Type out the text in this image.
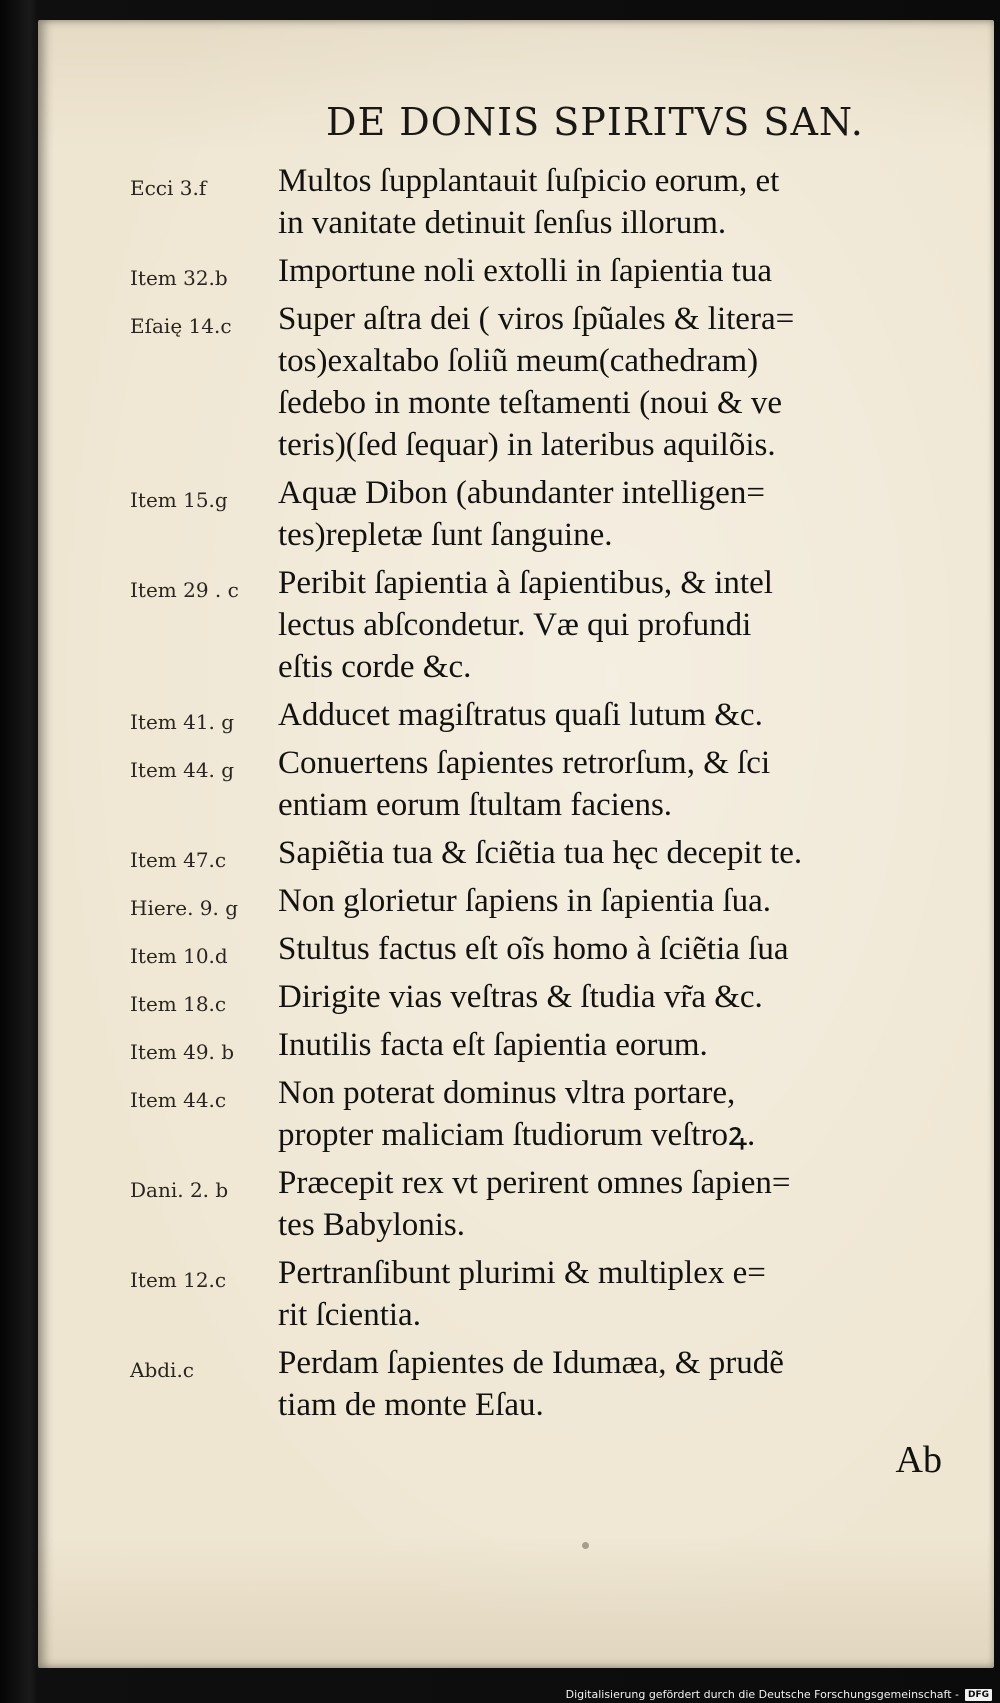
DE DONIS SPIRITVS SAN.
Ecci 3.f	Multos ſupplantauit ſuſpicio eorum, et
in vanitate detinuit ſenſus illorum.
Item 32.b	Importune noli extolli in ſapientia tua
Eſaię 14.c	Super aſtra dei ( viros ſpũales & litera=
tos)exaltabo ſoliũ meum(cathedram)
ſedebo in monte teſtamenti (noui & ve
teris)(ſed ſequar) in lateribus aquilõis.
Item 15.g	Aquæ Dibon (abundanter intelligen=
tes)repletæ ſunt ſanguine.
Item 29 . c	Peribit ſapientia à ſapientibus, & intel
lectus abſcondetur. Væ qui profundi
eſtis corde &c.
Item 41. g	Adducet magiſtratus quaſi lutum &c.
Item 44. g	Conuertens ſapientes retrorſum, & ſci
entiam eorum ſtultam faciens.
Item 47.c	Sapiẽtia tua & ſciẽtia tua hęc decepit te.
Hiere. 9. g	Non glorietur ſapiens in ſapientia ſua.
Item 10.d	Stultus factus eſt oĩs homo à ſciẽtia ſua
Item 18.c	Dirigite vias veſtras & ſtudia vr̃a &c.
Item 49. b	Inutilis facta eſt ſapientia eorum.
Item 44.c	Non poterat dominus vltra portare,
propter maliciam ſtudiorum veſtroꝝ.
Dani. 2. b	Præcepit rex vt perirent omnes ſapien=
tes Babylonis.
Item 12.c	Pertranſibunt plurimi & multiplex e=
rit ſcientia.
Abdi.c	Perdam ſapientes de Idumæa, & prudẽ
tiam de monte Eſau.
Ab
Digitalisierung gefördert durch die Deutsche Forschungsgemeinschaft -	DFG
